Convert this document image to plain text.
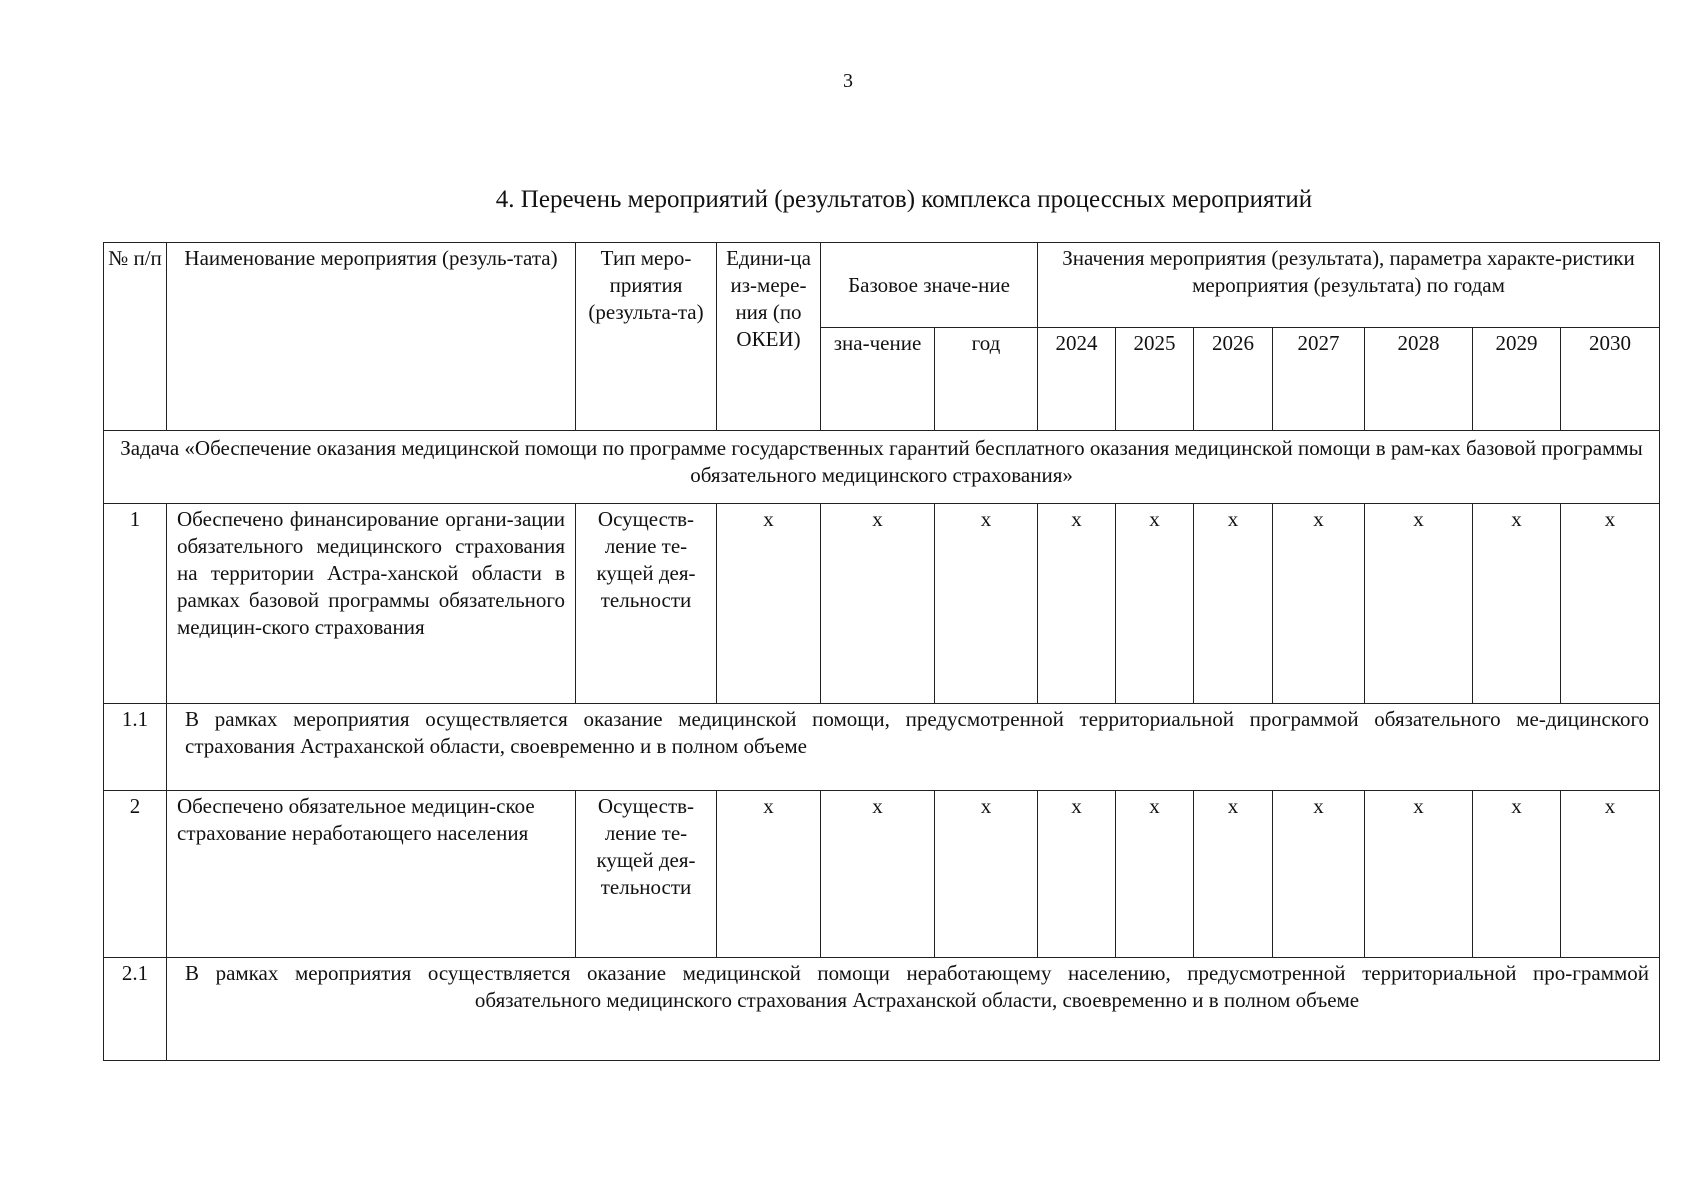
3
4. Перечень мероприятий (результатов) комплекса процессных мероприятий
№ п/п	Наименование мероприятия (резуль-тата)	Тип меро-приятия (результа-та)	Едини-ца из-мере-ния (по ОКЕИ)	Базовое значе-ние		Значения мероприятия (результата), параметра характе-ристики мероприятия (результата) по годам						
				зна-чение	год	2024	2025	2026	2027	2028	2029	2030
Задача «Обеспечение оказания медицинской помощи по программе государственных гарантий бесплатного оказания медицинской помощи в рам-ках базовой программы обязательного медицинского страхования»												
1	Обеспечено финансирование органи-зации обязательного медицинского страхования на территории Астра-ханской области в рамках базовой программы обязательного медицин-ского страхования	Осуществ-ление те-кущей дея-тельности	x	x	x	x	x	x	x	x	x	x
1.1	В рамках мероприятия осуществляется оказание медицинской помощи, предусмотренной территориальной программой обязательного ме-дицинского страхования Астраханской области, своевременно и в полном объеме											
2	Обеспечено обязательное медицин-ское страхование неработающего населения	Осуществ-ление те-кущей дея-тельности	x	x	x	x	x	x	x	x	x	x
2.1	В рамках мероприятия осуществляется оказание медицинской помощи неработающему населению, предусмотренной территориальной про-граммой обязательного медицинского страхования Астраханской области, своевременно и в полном объеме											
